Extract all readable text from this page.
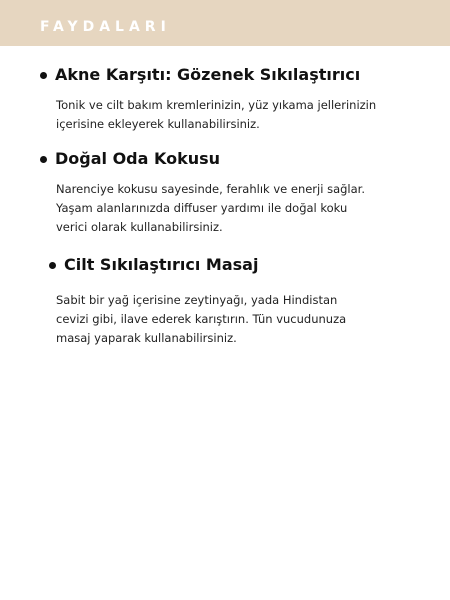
FAYDALARI
Akne Karşıtı: Gözenek Sıkılaştırıcı
Tonik ve cilt bakım kremlerinizin, yüz yıkama jellerinizin
içerisine ekleyerek kullanabilirsiniz.
Doğal Oda Kokusu
Narenciye kokusu sayesinde, ferahlık ve enerji sağlar.
Yaşam alanlarınızda diffuser yardımı ile doğal koku
verici olarak kullanabilirsiniz.
Cilt Sıkılaştırıcı Masaj
Sabit bir yağ içerisine zeytinyağı, yada Hindistan
cevizi gibi, ilave ederek karıştırın. Tün vucudunuza
masaj yaparak kullanabilirsiniz.
